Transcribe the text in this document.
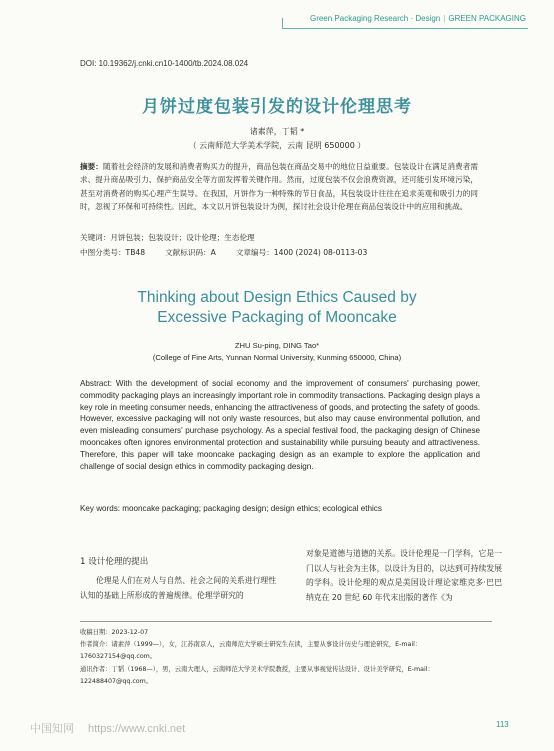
Green Packaging Research · Design | GREEN PACKAGING
DOI: 10.19362/j.cnki.cn10-1400/tb.2024.08.024
月饼过度包装引发的设计伦理思考
诸素萍，丁韬 *
（ 云南师范大学美术学院，云南 昆明 650000 ）
摘要：随着社会经济的发展和消费者购买力的提升，商品包装在商品交易中的地位日益重要。包装设计在满足消费者需求、提升商品吸引力、保护商品安全等方面发挥着关键作用。然而，过度包装不仅会浪费资源，还可能引发环境污染，甚至对消费者的购买心理产生误导。在我国，月饼作为一种特殊的节日食品，其包装设计往往在追求美观和吸引力的同时，忽视了环保和可持续性。因此，本文以月饼包装设计为例，探讨社会设计伦理在商品包装设计中的应用和挑战。
关键词：月饼包装；包装设计；设计伦理；生态伦理
中图分类号：TB48	文献标识码：A	文章编号：1400 (2024) 08-0113-03
Thinking about Design Ethics Caused by
Excessive Packaging of Mooncake
ZHU Su-ping, DING Tao*
(College of Fine Arts, Yunnan Normal University, Kunming 650000, China)
Abstract: With the development of social economy and the improvement of consumers' purchasing power, commodity packaging plays an increasingly important role in commodity transactions. Packaging design plays a key role in meeting consumer needs, enhancing the attractiveness of goods, and protecting the safety of goods. However, excessive packaging will not only waste resources, but also may cause environmental pollution, and even misleading consumers' purchase psychology. As a special festival food, the packaging design of Chinese mooncakes often ignores environmental protection and sustainability while pursuing beauty and attractiveness. Therefore, this paper will take mooncake packaging design as an example to explore the application and challenge of social design ethics in commodity packaging design.
Key words: mooncake packaging; packaging design; design ethics; ecological ethics
1 设计伦理的提出
伦理是人们在对人与自然、社会之间的关系进行理性认知的基础上所形成的普遍规律。伦理学研究的
对象是道德与道德的关系。设计伦理是一门学科，它是一门以人与社会为主体，以设计为目的，以达到可持续发展的学科。设计伦理的观点是美国设计理论家维克多·巴巴纳克在 20 世纪 60 年代末出版的著作《为
收稿日期：2023-12-07
作者简介：诸素萍（1999—），女，江苏南京人，云南师范大学硕士研究生在读，主要从事设计历史与理论研究，E-mail：1760327154@qq.com。
通讯作者：丁韬（1968—），男，云南大理人，云南师范大学美术学院教授，主要从事视觉传达设计、设计美学研究，E-mail：122488407@qq.com。
中国知网 https://www.cnki.net	113
